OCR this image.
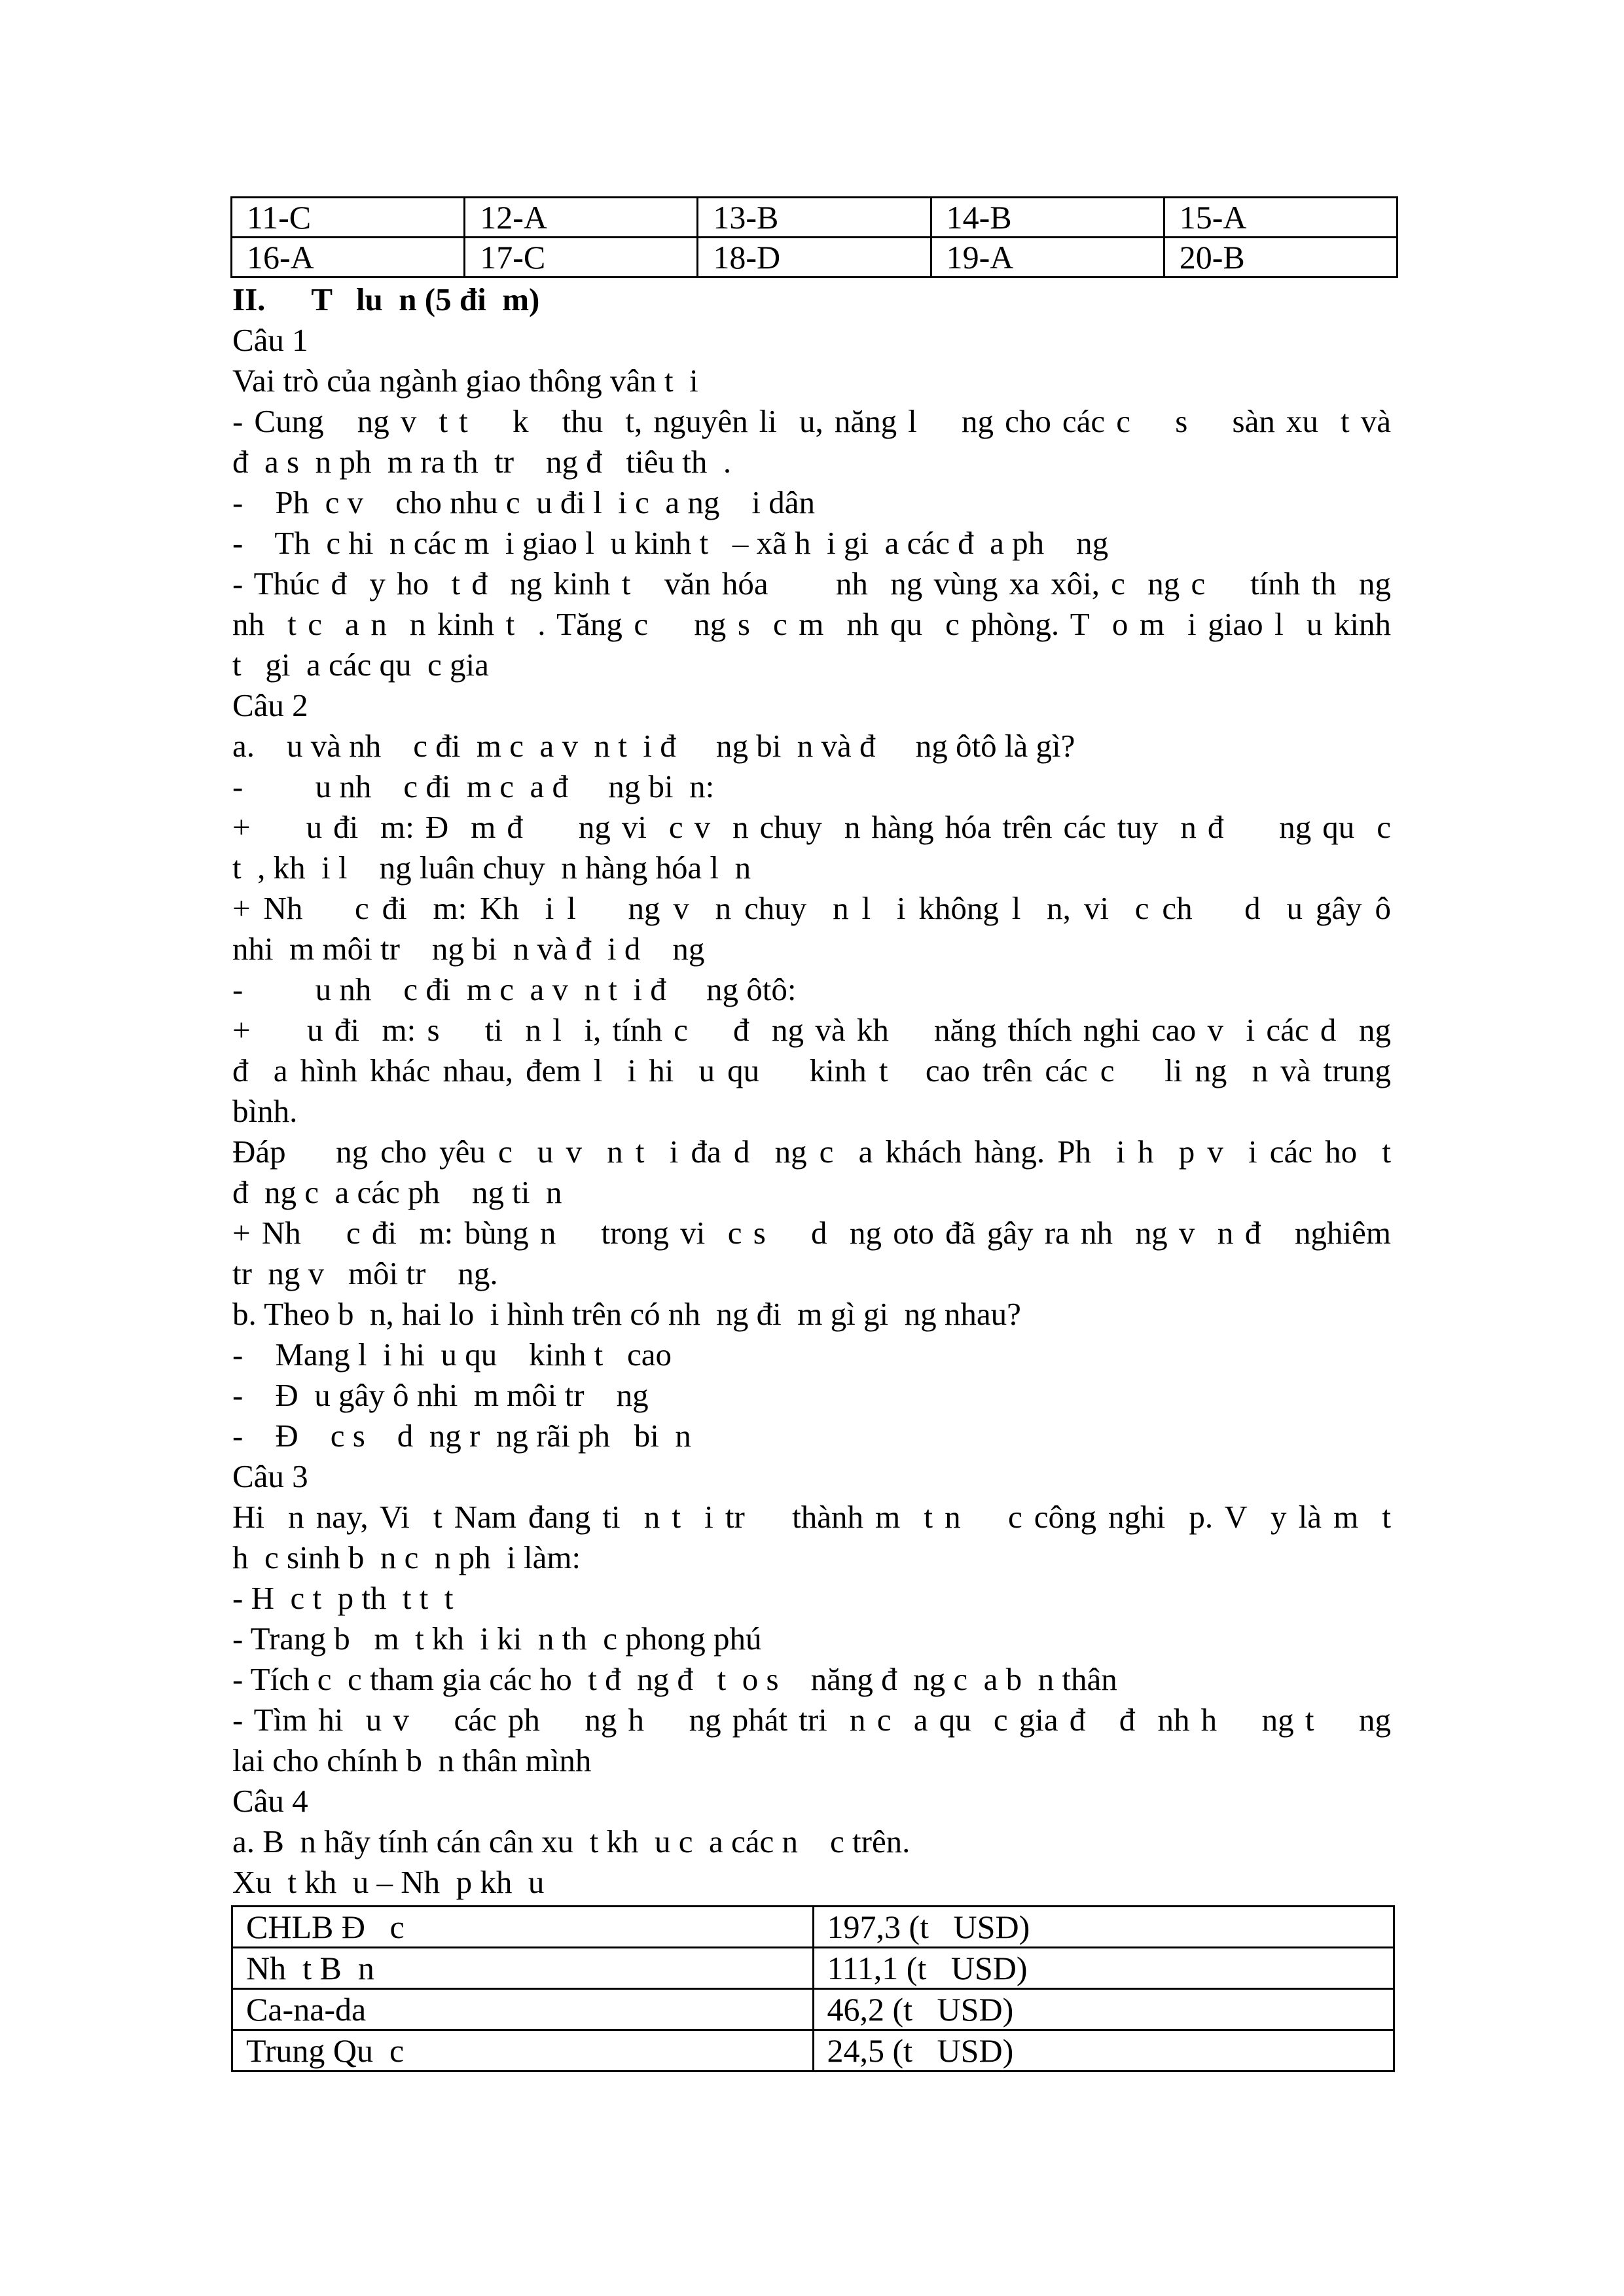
11-C	12-A	13-B	14-B	15-A
16-A	17-C	18-D	19-A	20-B
II. T   lu  n (5 đi  m)
Câu 1
Vai trò của ngành giao thông vân t  i
- Cung   ng v  t t    k   thu  t, nguyên li  u, năng l    ng cho các c    s    sàn xu  t và
đ  a s  n ph  m ra th  tr    ng đ   tiêu th  .
-    Ph  c v    cho nhu c  u đi l  i c  a ng    i dân
-    Th  c hi  n các m  i giao l  u kinh t   – xã h  i gi  a các đ  a ph    ng
- Thúc đ  y ho  t đ  ng kinh t   văn hóa      nh  ng vùng xa xôi, c  ng c    tính th  ng
nh  t c  a n  n kinh t  . Tăng c    ng s  c m  nh qu  c phòng. T  o m  i giao l  u kinh
t   gi  a các qu  c gia
Câu 2
a.    u và nh    c đi  m c  a v  n t  i đ     ng bi  n và đ     ng ôtô là gì?
-         u nh    c đi  m c  a đ     ng bi  n:
+     u đi  m: Đ  m đ     ng vi  c v  n chuy  n hàng hóa trên các tuy  n đ     ng qu  c
t  , kh  i l    ng luân chuy  n hàng hóa l  n
+ Nh    c đi  m: Kh  i l    ng v  n chuy  n l  i không l  n, vi  c ch    d  u gây ô
nhi  m môi tr    ng bi  n và đ  i d    ng
-         u nh    c đi  m c  a v  n t  i đ     ng ôtô:
+     u đi  m: s    ti  n l  i, tính c    đ  ng và kh    năng thích nghi cao v  i các d  ng
đ  a hình khác nhau, đem l  i hi  u qu    kinh t   cao trên các c    li ng  n và trung
bình.
Đáp    ng cho yêu c  u v  n t  i đa d  ng c  a khách hàng. Ph  i h  p v  i các ho  t
đ  ng c  a các ph    ng ti  n
+ Nh    c đi  m: bùng n    trong vi  c s    d  ng oto đã gây ra nh  ng v  n đ   nghiêm
tr  ng v   môi tr    ng.
b. Theo b  n, hai lo  i hình trên có nh  ng đi  m gì gi  ng nhau?
-    Mang l  i hi  u qu    kinh t   cao
-    Đ  u gây ô nhi  m môi tr    ng
-    Đ    c s    d  ng r  ng rãi ph   bi  n
Câu 3
Hi  n nay, Vi  t Nam đang ti  n t  i tr    thành m  t n    c công nghi  p. V  y là m  t
h  c sinh b  n c  n ph  i làm:
- H  c t  p th  t t  t
- Trang b   m  t kh  i ki  n th  c phong phú
- Tích c  c tham gia các ho  t đ  ng đ   t  o s    năng đ  ng c  a b  n thân
- Tìm hi  u v    các ph    ng h    ng phát tri  n c  a qu  c gia đ   đ  nh h    ng t    ng
lai cho chính b  n thân mình
Câu 4
a. B  n hãy tính cán cân xu  t kh  u c  a các n    c trên.
Xu  t kh  u – Nh  p kh  u
CHLB Đ   c	197,3 (t   USD)
Nh  t B  n	111,1 (t   USD)
Ca-na-da	46,2 (t   USD)
Trung Qu  c	24,5 (t   USD)
